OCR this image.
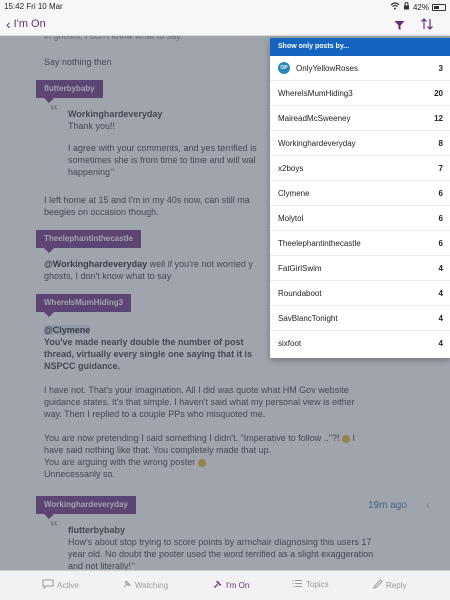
15:42 Fri 10 Mar	42%
‹ I'm On
Active	Watching	I'm On	Topics	Reply
Show only posts by...
OP OnlyYellowRoses	3
WhereIsMumHiding3	20
MaireadMcSweeney	12
Workinghardeveryday	8
x2boys	7
Clymene	6
Molytol	6
Theelephantinthecastle	6
FatGirlSwim	4
Roundaboot	4
SavBlancTonight	4
sixfoot	4
